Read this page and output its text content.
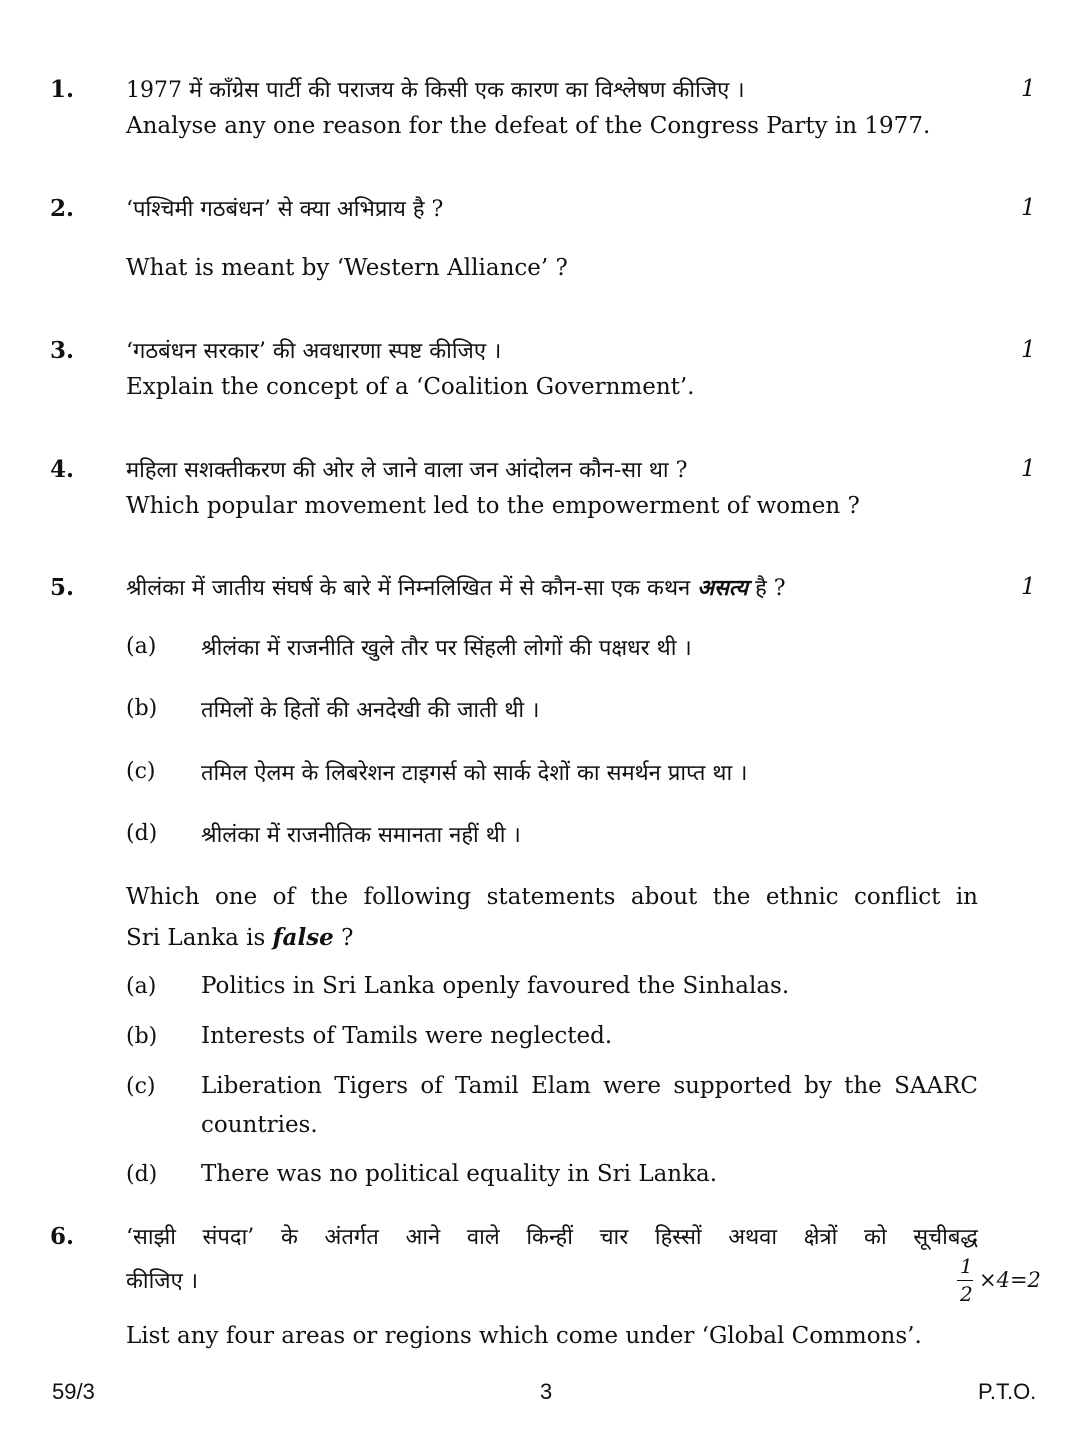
1. 1977 में काँग्रेस पार्टी की पराजय के किसी एक कारण का विश्लेषण कीजिए ।
Analyse any one reason for the defeat of the Congress Party in 1977.
1
2. ‘पश्चिमी गठबंधन’ से क्या अभिप्राय है ?
What is meant by ‘Western Alliance’ ?
1
3. ‘गठबंधन सरकार’ की अवधारणा स्पष्ट कीजिए ।
Explain the concept of a ‘Coalition Government’.
1
4. महिला सशक्तीकरण की ओर ले जाने वाला जन आंदोलन कौन-सा था ?
Which popular movement led to the empowerment of women ?
1
5. श्रीलंका में जातीय संघर्ष के बारे में निम्नलिखित में से कौन-सा एक कथन असत्य है ?	1
(a) श्रीलंका में राजनीति खुले तौर पर सिंहली लोगों की पक्षधर थी ।
(b) तमिलों के हितों की अनदेखी की जाती थी ।
(c) तमिल ऐलम के लिबरेशन टाइगर्स को सार्क देशों का समर्थन प्राप्त था ।
(d) श्रीलंका में राजनीतिक समानता नहीं थी ।
Which one of the following statements about the ethnic conflict in
Sri Lanka is false ?
(a) Politics in Sri Lanka openly favoured the Sinhalas.
(b) Interests of Tamils were neglected.
(c) Liberation Tigers of Tamil Elam were supported by the SAARC
countries.
(d) There was no political equality in Sri Lanka.
6. ‘साझी संपदा’ के अंतर्गत आने वाले किन्हीं चार हिस्सों अथवा क्षेत्रों को सूचीबद्ध
कीजिए ।
1
2
×4=2
List any four areas or regions which come under ‘Global Commons’.
59/3	3	P.T.O.
